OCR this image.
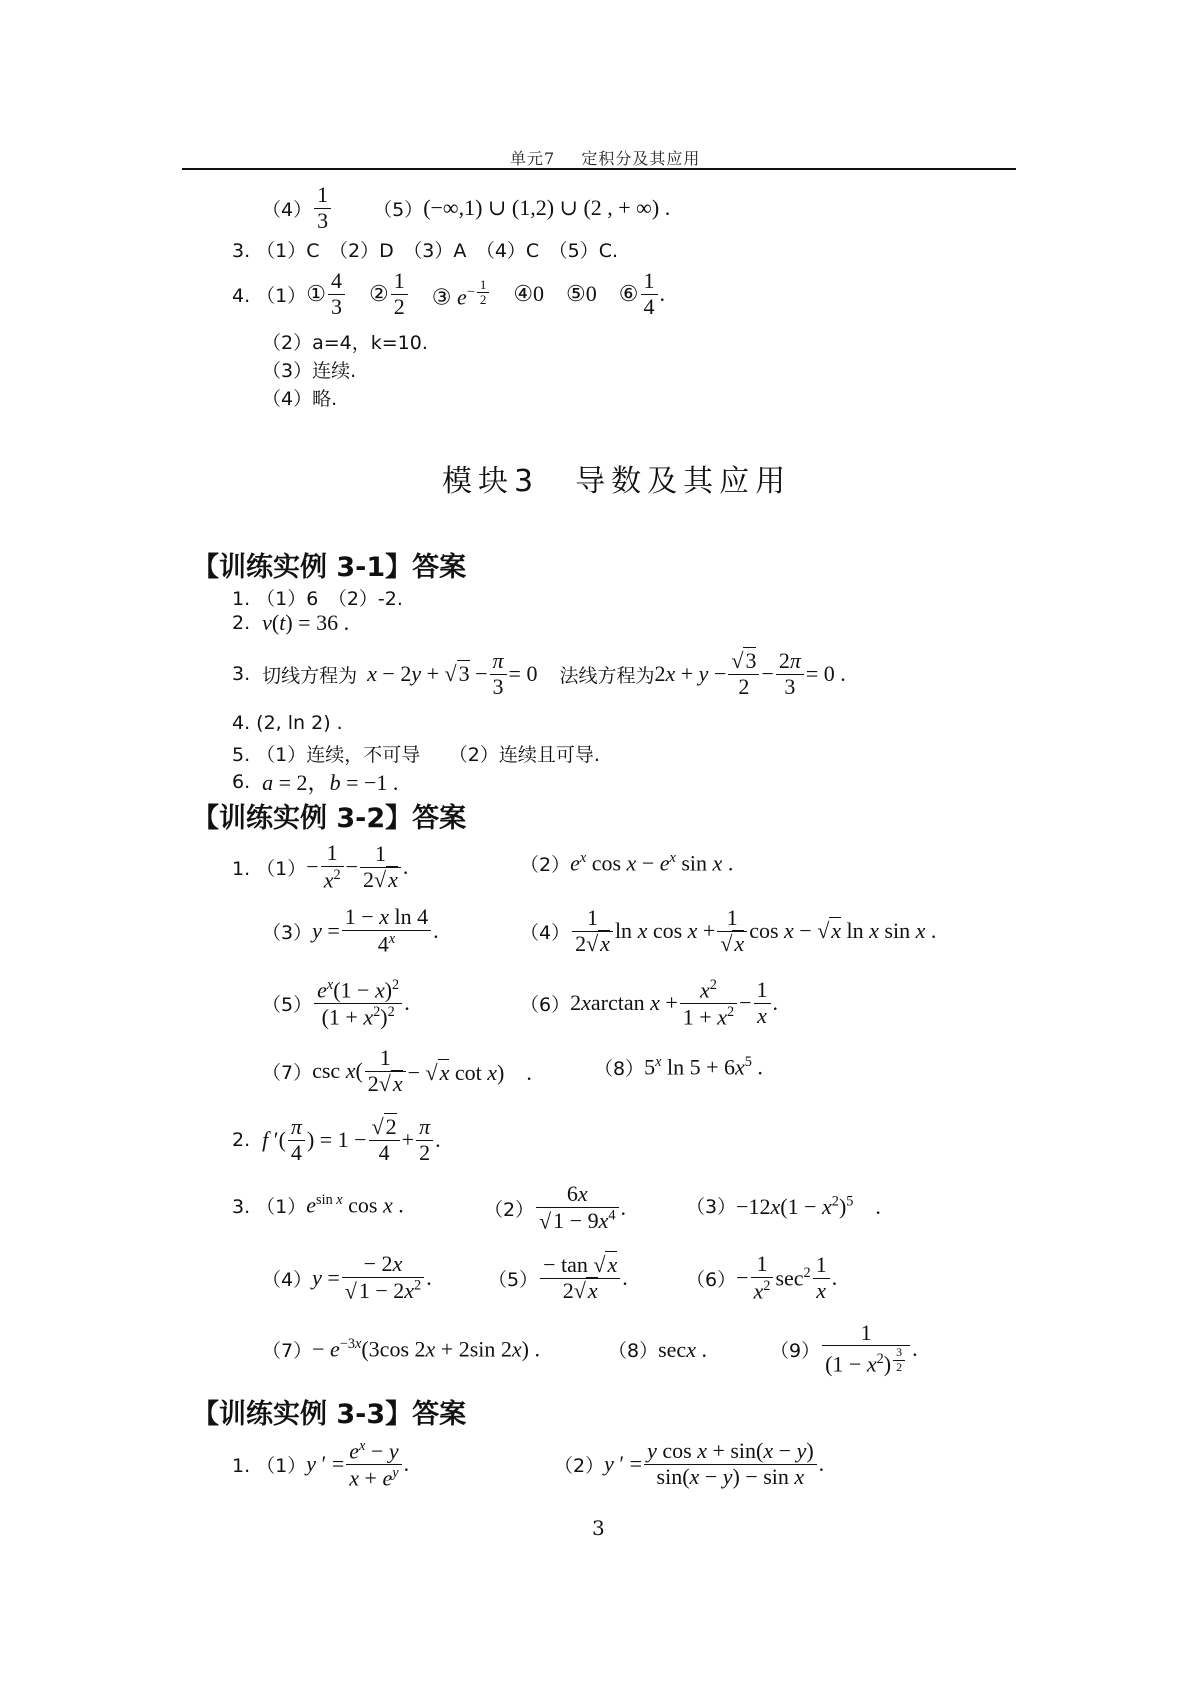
单元7 定积分及其应用
$(4) \frac{1}{3} (5)$ (−∞,1) ∪ (1,2) ∪ (2 , + ∞) .
3. （1）C　（2）D　（3）A　（4）C　（5）C.
4. （1） ① $\frac{4}{3}$ ② $\frac{1}{2}$ ③ $e^{- \frac{1}{2}}$ ④0 ⑤0 ⑥ $\frac{1}{4}$ .
（2）a=4，k=10.
（3）连续.
（4）略.
模块3　导数及其应用
【训练实例 3-1】答案
1. （1）6　（2）-2.
2. v(t) = 36 .
3. 切线方程为 $x - 2y + √3 - \frac{\pi}{3} = 0$ 法线方程为 $2x + y - \frac{√3}{2} - \frac{2\pi}{3} = 0$ .
4. (2, ln 2) .
5. （1）连续，不可导　　（2）连续且可导.
6. a = 2，b = −1 .
【训练实例 3-2】答案
1. $(1) - \frac{1}{x^2} - \frac{1}{2√x}$ .	（2） $e^x$ $\cos x - e^x$ sin x .
（3） $y = \frac{\text{1 − x ln 4}}{4^x}$ .	$(4) \frac{1}{2√x}$ ln x $\cos x + \frac{1}{√x}$ cos x − √x ln x sin x .
$(5) \frac{e^x(1 - x)^2}{(1 + x^2)^2}$ .	（6） 2xarctan $x + \frac{x^2}{1 + x^2} - \frac{1}{x}$ .
（7） $\csc x( \frac{1}{2√x} - √x$ cot x)　.	（8） 5$^x$ $\ln 5 + 6x^5$ .
2. f ′( $\frac{\pi}{4}$ ) = $1 - \frac{√2}{4} + \frac{\pi}{2}$ .
3. （1） $e^{sin x}$ cos x .	$(2) \frac{6x}{√1 - 9x^4}$ .	$(3) -12x(1 - x^2)^5$　.
（4） $y = \frac{- 2x}{√1 - 2x^2}$ .	$(5) \frac{- \tan √x}{2√x}$ .	$(6) - \frac{1}{x^2} \sec^2 \frac{1}{x}$ .
$(7) - e^{-3x}(3\cos$ 2x + 2sin 2x) .	（8） secx .	（9） 1
$(1 - x^2)$ $^{\frac{3}{2}}$ .
【训练实例 3-3】答案
1. （1） y ′ = $\frac{e^x - y}{x + e^y}$ .	（2） y ′ = $\frac{\text{y cos x + sin(x − y)}}{\text{sin(x − y) − sin x}}$ .
3
